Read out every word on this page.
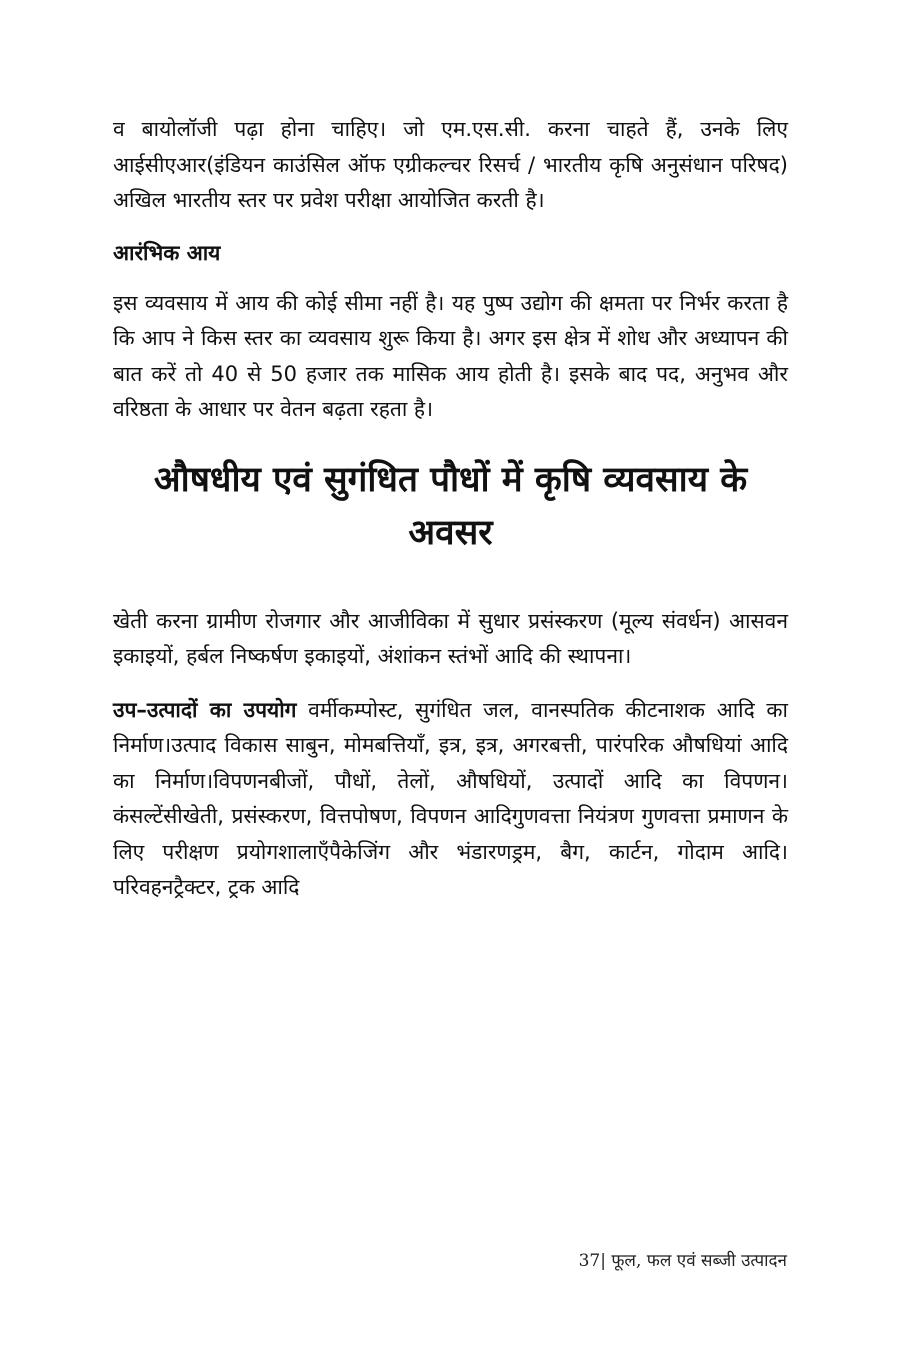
व बायोलॉजी पढ़ा होना चाहिए। जो एम.एस.सी. करना चाहते हैं, उनके लिए आईसीएआर(इंडियन काउंसिल ऑफ एग्रीकल्चर रिसर्च / भारतीय कृषि अनुसंधान परिषद) अखिल भारतीय स्तर पर प्रवेश परीक्षा आयोजित करती है।

आरंभिक आय

इस व्यवसाय में आय की कोई सीमा नहीं है। यह पुष्प उद्योग की क्षमता पर निर्भर करता है कि आप ने किस स्तर का व्यवसाय शुरू किया है। अगर इस क्षेत्र में शोध और अध्यापन की बात करें तो 40 से 50 हजार तक मासिक आय होती है। इसके बाद पद, अनुभव और वरिष्ठता के आधार पर वेतन बढ़ता रहता है।

औषधीय एवं सुगंधित पौधों में कृषि व्यवसाय के अवसर

खेती करना ग्रामीण रोजगार और आजीविका में सुधार प्रसंस्करण (मूल्य संवर्धन) आसवन इकाइयों, हर्बल निष्कर्षण इकाइयों, अंशांकन स्तंभों आदि की स्थापना।

उप–उत्पादों का उपयोग वर्मीकम्पोस्ट, सुगंधित जल, वानस्पतिक कीटनाशक आदि का निर्माण।उत्पाद विकास साबुन, मोमबत्तियाँ, इत्र, इत्र, अगरबत्ती, पारंपरिक औषधियां आदि का निर्माण।विपणनबीजों, पौधों, तेलों, औषधियों, उत्पादों आदि का विपणन।कंसल्टेंसीखेती, प्रसंस्करण, वित्तपोषण, विपणन आदिगुणवत्ता नियंत्रण गुणवत्ता प्रमाणन के लिए परीक्षण प्रयोगशालाएँपैकेजिंग और भंडारणड्रम, बैग, कार्टन, गोदाम आदि।परिवहनट्रैक्टर, ट्रक आदि

37| फूल, फल एवं सब्जी उत्पादन
